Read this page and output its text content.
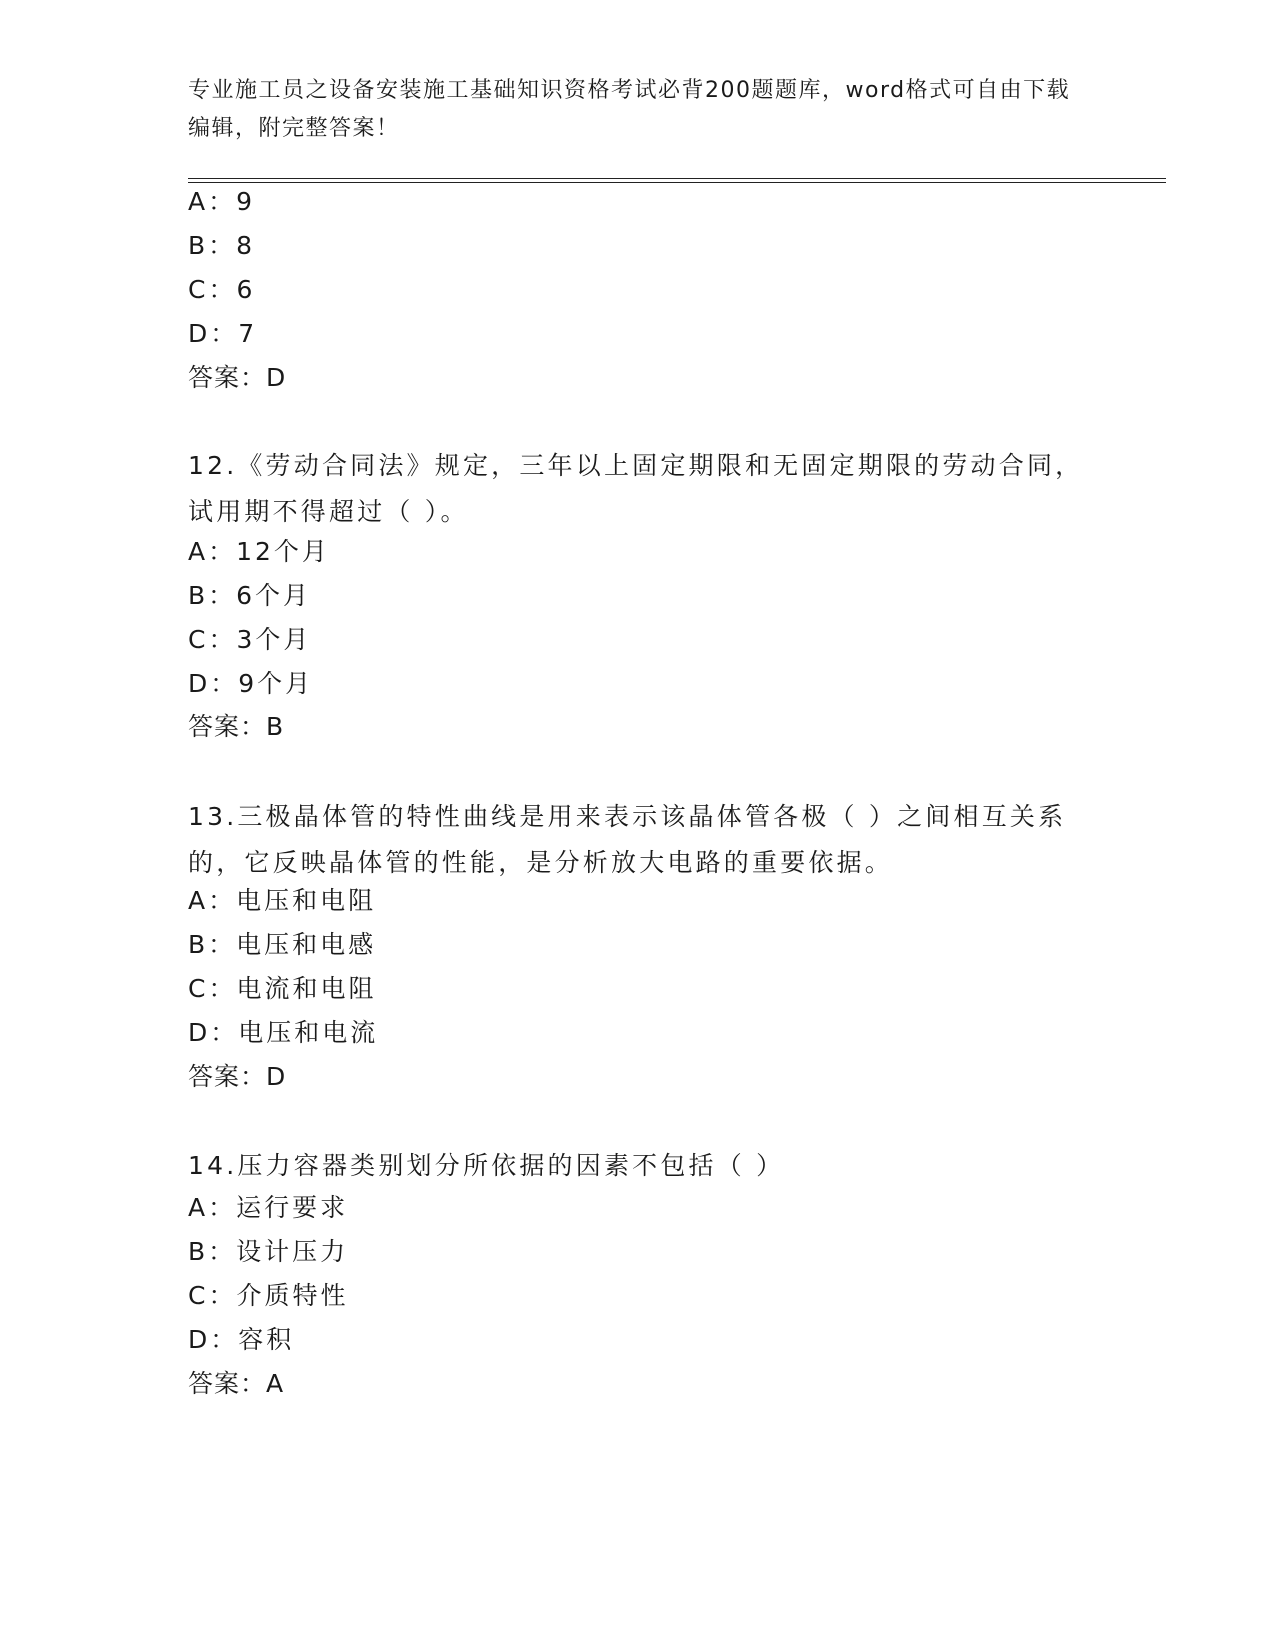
专业施工员之设备安装施工基础知识资格考试必背200题题库，word格式可自由下载编辑，附完整答案！
A：9
B：8
C：6
D：7
答案：D
12.《劳动合同法》规定，三年以上固定期限和无固定期限的劳动合同，试用期不得超过（ ）。
A：12个月
B：6个月
C：3个月
D：9个月
答案：B
13.三极晶体管的特性曲线是用来表示该晶体管各极（ ）之间相互关系的，它反映晶体管的性能，是分析放大电路的重要依据。
A：电压和电阻
B：电压和电感
C：电流和电阻
D：电压和电流
答案：D
14.压力容器类别划分所依据的因素不包括（ ）
A：运行要求
B：设计压力
C：介质特性
D：容积
答案：A
